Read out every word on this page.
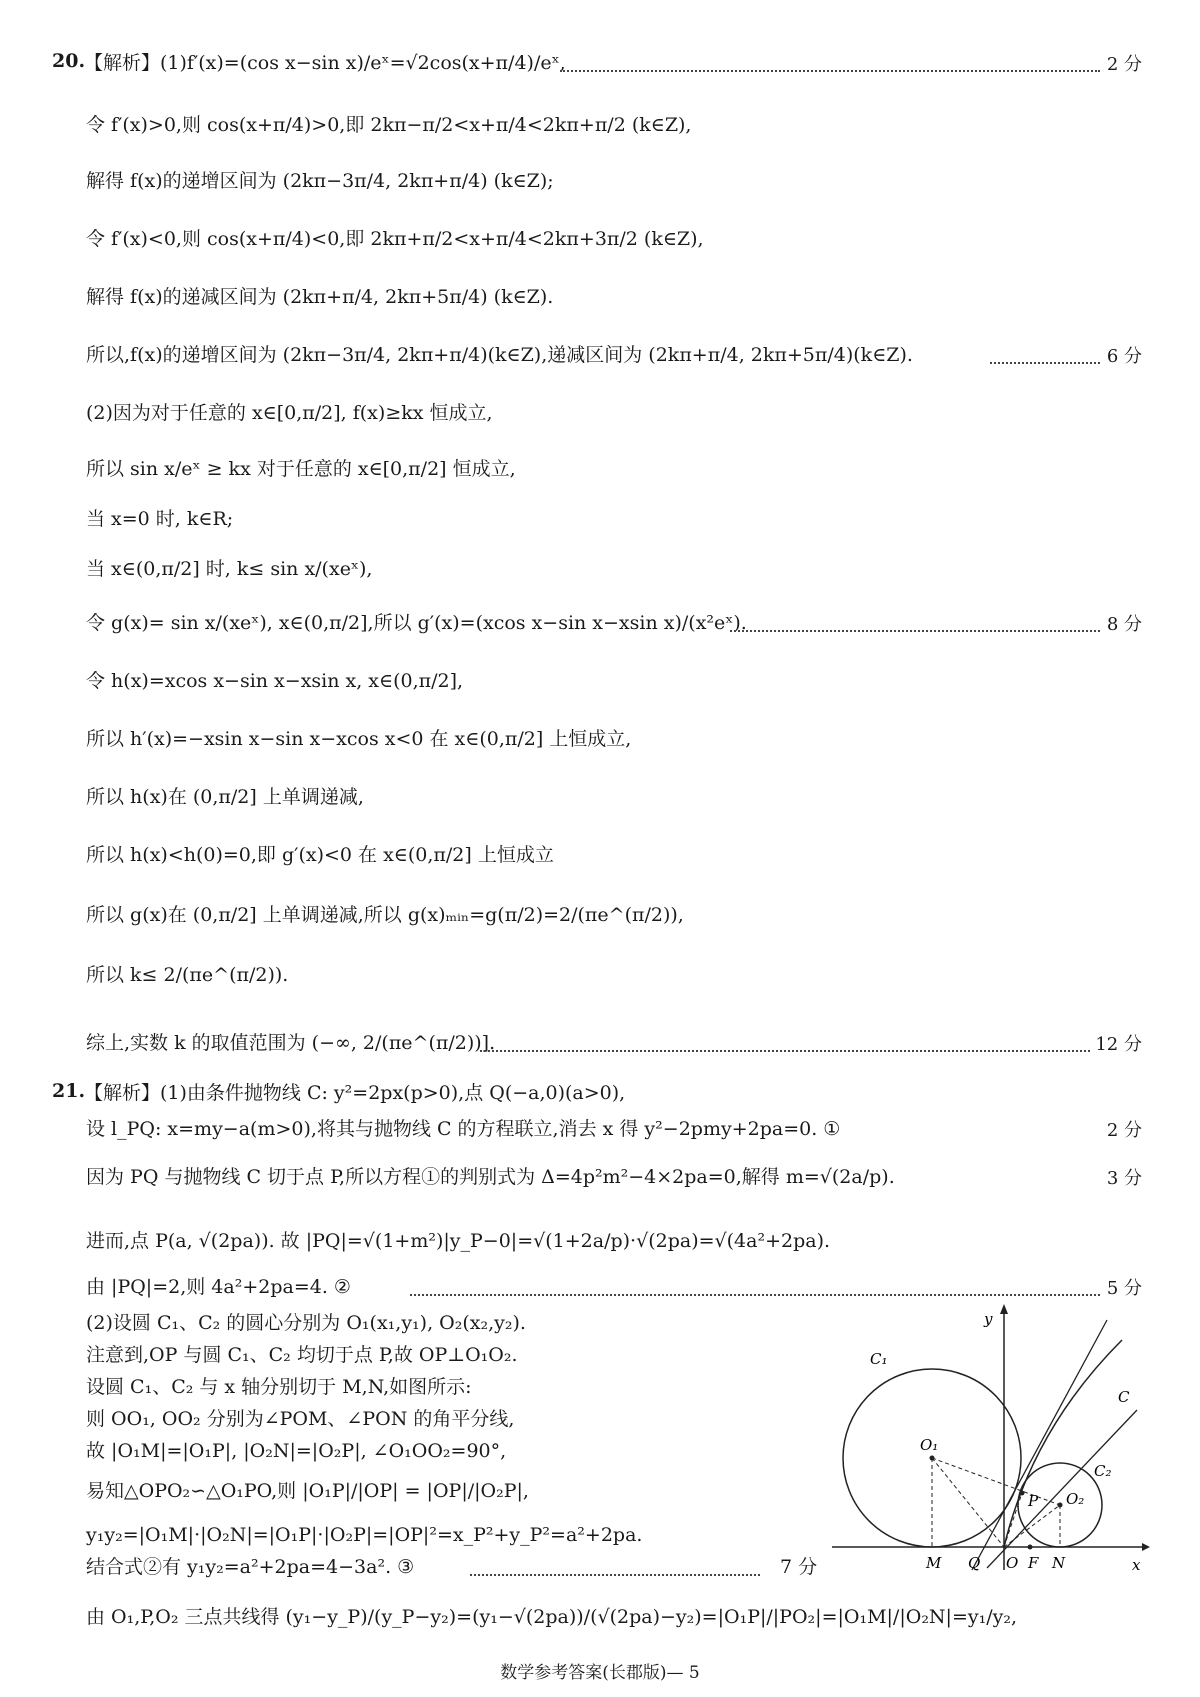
20.
【解析】(1)f′(x)=(cos x−sin x)/eˣ=√2cos(x+π/4)/eˣ,	2 分
令 f′(x)>0,则 cos(x+π/4)>0,即 2kπ−π/2<x+π/4<2kπ+π/2 (k∈Z),
解得 f(x)的递增区间为 (2kπ−3π/4, 2kπ+π/4) (k∈Z);
令 f′(x)<0,则 cos(x+π/4)<0,即 2kπ+π/2<x+π/4<2kπ+3π/2 (k∈Z),
解得 f(x)的递减区间为 (2kπ+π/4, 2kπ+5π/4) (k∈Z).
所以,f(x)的递增区间为 (2kπ−3π/4, 2kπ+π/4)(k∈Z),递减区间为 (2kπ+π/4, 2kπ+5π/4)(k∈Z).	6 分
(2)因为对于任意的 x∈[0,π/2], f(x)≥kx 恒成立,
所以 sin x/eˣ ≥ kx 对于任意的 x∈[0,π/2] 恒成立,
当 x=0 时, k∈R;
当 x∈(0,π/2] 时, k≤ sin x/(xeˣ),
令 g(x)= sin x/(xeˣ), x∈(0,π/2],所以 g′(x)=(xcos x−sin x−xsin x)/(x²eˣ).	8 分
令 h(x)=xcos x−sin x−xsin x, x∈(0,π/2],
所以 h′(x)=−xsin x−sin x−xcos x<0 在 x∈(0,π/2] 上恒成立,
所以 h(x)在 (0,π/2] 上单调递减,
所以 h(x)<h(0)=0,即 g′(x)<0 在 x∈(0,π/2] 上恒成立
所以 g(x)在 (0,π/2] 上单调递减,所以 g(x)ₘᵢₙ=g(π/2)=2/(πe^(π/2)),
所以 k≤ 2/(πe^(π/2)).
综上,实数 k 的取值范围为 (−∞, 2/(πe^(π/2))].	12 分
21.
【解析】(1)由条件抛物线 C: y²=2px(p>0),点 Q(−a,0)(a>0),
设 l_PQ: x=my−a(m>0),将其与抛物线 C 的方程联立,消去 x 得 y²−2pmy+2pa=0. ①	2 分
因为 PQ 与抛物线 C 切于点 P,所以方程①的判别式为 Δ=4p²m²−4×2pa=0,解得 m=√(2a/p).	3 分
进而,点 P(a, √(2pa)). 故 |PQ|=√(1+m²)|y_P−0|=√(1+2a/p)·√(2pa)=√(4a²+2pa).
由 |PQ|=2,则 4a²+2pa=4. ②	5 分
(2)设圆 C₁、C₂ 的圆心分别为 O₁(x₁,y₁), O₂(x₂,y₂).
注意到,OP 与圆 C₁、C₂ 均切于点 P,故 OP⊥O₁O₂.
设圆 C₁、C₂ 与 x 轴分别切于 M,N,如图所示:
则 OO₁, OO₂ 分别为∠POM、∠PON 的角平分线,
故 |O₁M|=|O₁P|, |O₂N|=|O₂P|, ∠O₁OO₂=90°,
易知△OPO₂∽△O₁PO,则 |O₁P|/|OP| = |OP|/|O₂P|,
y₁y₂=|O₁M|·|O₂N|=|O₁P|·|O₂P|=|OP|²=x_P²+y_P²=a²+2pa.
结合式②有 y₁y₂=a²+2pa=4−3a². ③	7 分
由 O₁,P,O₂ 三点共线得 (y₁−y_P)/(y_P−y₂)=(y₁−√(2pa))/(√(2pa)−y₂)=|O₁P|/|PO₂|=|O₁M|/|O₂N|=y₁/y₂,
y
x
C₁
C
C₂
O₁
O₂
P
M Q O F N
数学参考答案(长郡版)— 5
